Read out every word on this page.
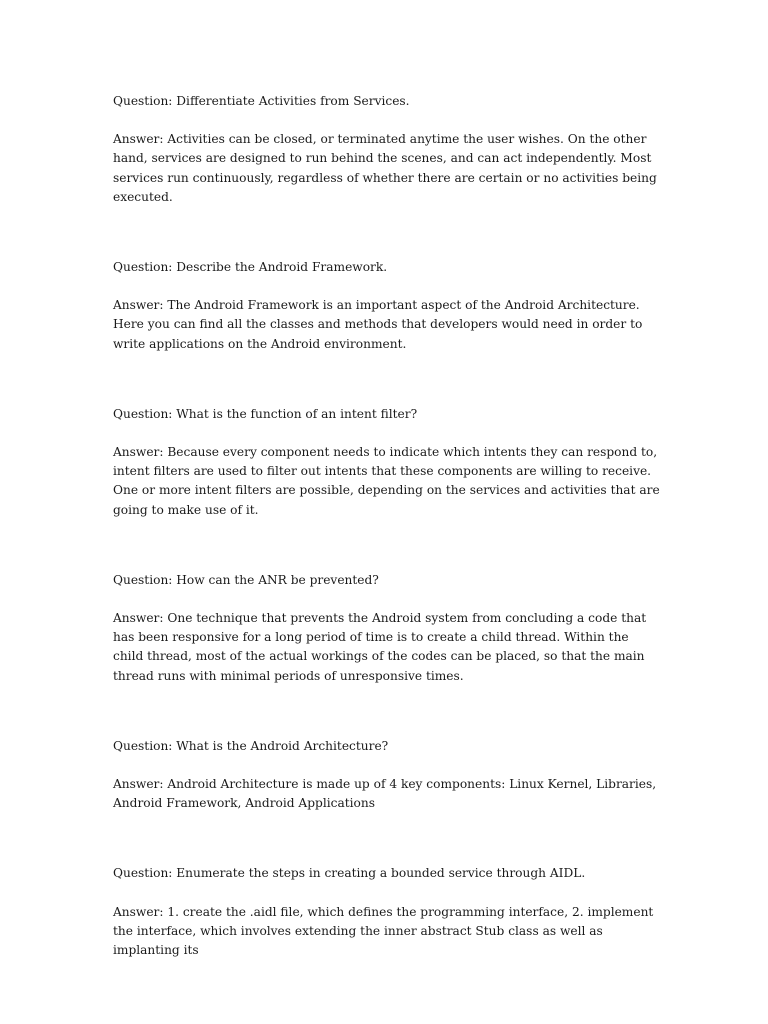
Question: Differentiate Activities from Services.

Answer: Activities can be closed, or terminated anytime the user wishes. On the other hand, services are designed to run behind the scenes, and can act independently. Most services run continuously, regardless of whether there are certain or no activities being executed.

Question: Describe the Android Framework.

Answer: The Android Framework is an important aspect of the Android Architecture. Here you can find all the classes and methods that developers would need in order to write applications on the Android environment.

Question: What is the function of an intent filter?

Answer: Because every component needs to indicate which intents they can respond to, intent filters are used to filter out intents that these components are willing to receive. One or more intent filters are possible, depending on the services and activities that are going to make use of it.

Question: How can the ANR be prevented?

Answer: One technique that prevents the Android system from concluding a code that has been responsive for a long period of time is to create a child thread. Within the child thread, most of the actual workings of the codes can be placed, so that the main thread runs with minimal periods of unresponsive times.

Question: What is the Android Architecture?

Answer: Android Architecture is made up of 4 key components: Linux Kernel, Libraries, Android Framework, Android Applications

Question: Enumerate the steps in creating a bounded service through AIDL.

Answer: 1. create the .aidl file, which defines the programming interface, 2. implement the interface, which involves extending the inner abstract Stub class as well as implanting its
